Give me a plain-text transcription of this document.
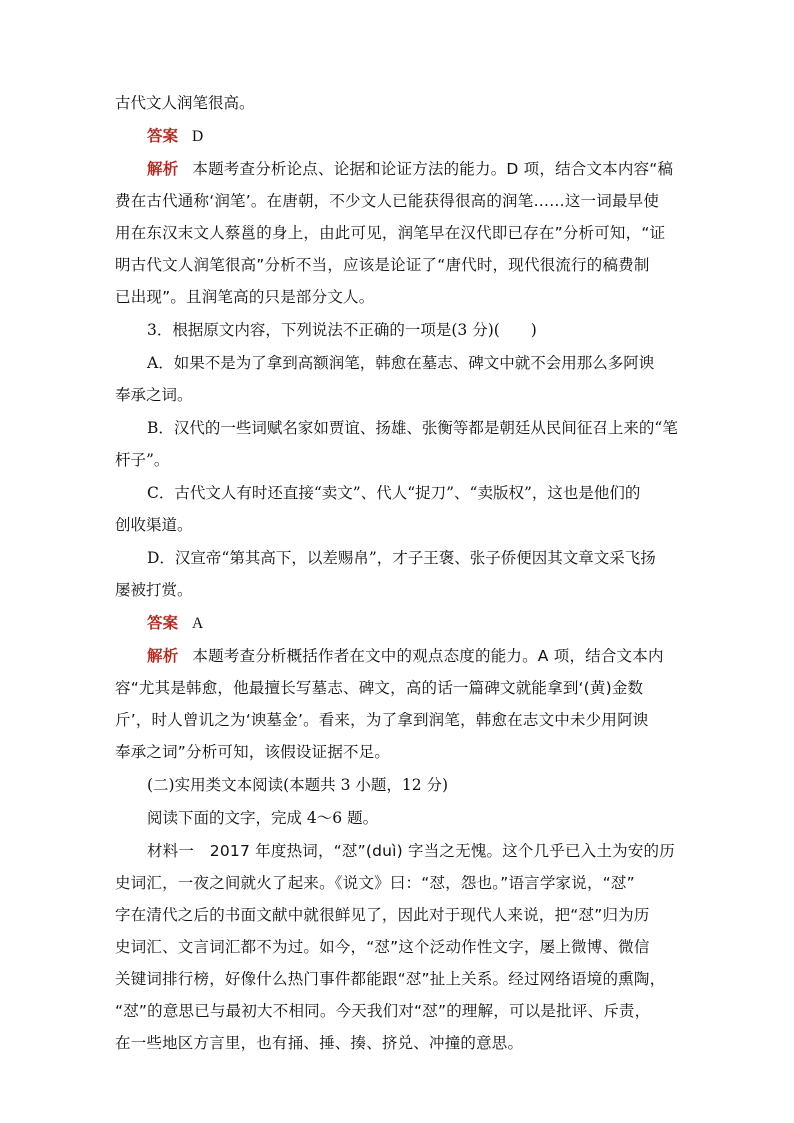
古代文人润笔很高。
答案 D
解析 本题考查分析论点、论据和论证方法的能力。D 项，结合文本内容“稿
费在古代通称‘润笔’。在唐朝，不少文人已能获得很高的润笔……这一词最早使
用在东汉末文人蔡邕的身上，由此可见，润笔早在汉代即已存在”分析可知，“证
明古代文人润笔很高”分析不当，应该是论证了“唐代时，现代很流行的稿费制
已出现”。且润笔高的只是部分文人。
3．根据原文内容，下列说法不正确的一项是(3 分)(　　)
A．如果不是为了拿到高额润笔，韩愈在墓志、碑文中就不会用那么多阿谀
奉承之词。
B．汉代的一些词赋名家如贾谊、扬雄、张衡等都是朝廷从民间征召上来的“笔
杆子”。
C．古代文人有时还直接“卖文”、代人“捉刀”、“卖版权”，这也是他们的
创收渠道。
D．汉宣帝“第其高下，以差赐帛”，才子王褒、张子侨便因其文章文采飞扬
屡被打赏。
答案 A
解析 本题考查分析概括作者在文中的观点态度的能力。A 项，结合文本内
容“尤其是韩愈，他最擅长写墓志、碑文，高的话一篇碑文就能拿到‘(黄)金数
斤’，时人曾讥之为‘谀墓金’。看来，为了拿到润笔，韩愈在志文中未少用阿谀
奉承之词”分析可知，该假设证据不足。
(二)实用类文本阅读(本题共 3 小题，12 分)
阅读下面的文字，完成 4～6 题。
材料一　2017 年度热词，“怼”(duì) 字当之无愧。这个几乎已入土为安的历
史词汇，一夜之间就火了起来。《说文》曰：“怼，怨也。”语言学家说，“怼”
字在清代之后的书面文献中就很鲜见了，因此对于现代人来说，把“怼”归为历
史词汇、文言词汇都不为过。如今，“怼”这个泛动作性文字，屡上微博、微信
关键词排行榜，好像什么热门事件都能跟“怼”扯上关系。经过网络语境的熏陶，
“怼”的意思已与最初大不相同。今天我们对“怼”的理解，可以是批评、斥责，
在一些地区方言里，也有捅、捶、揍、挤兑、冲撞的意思。
